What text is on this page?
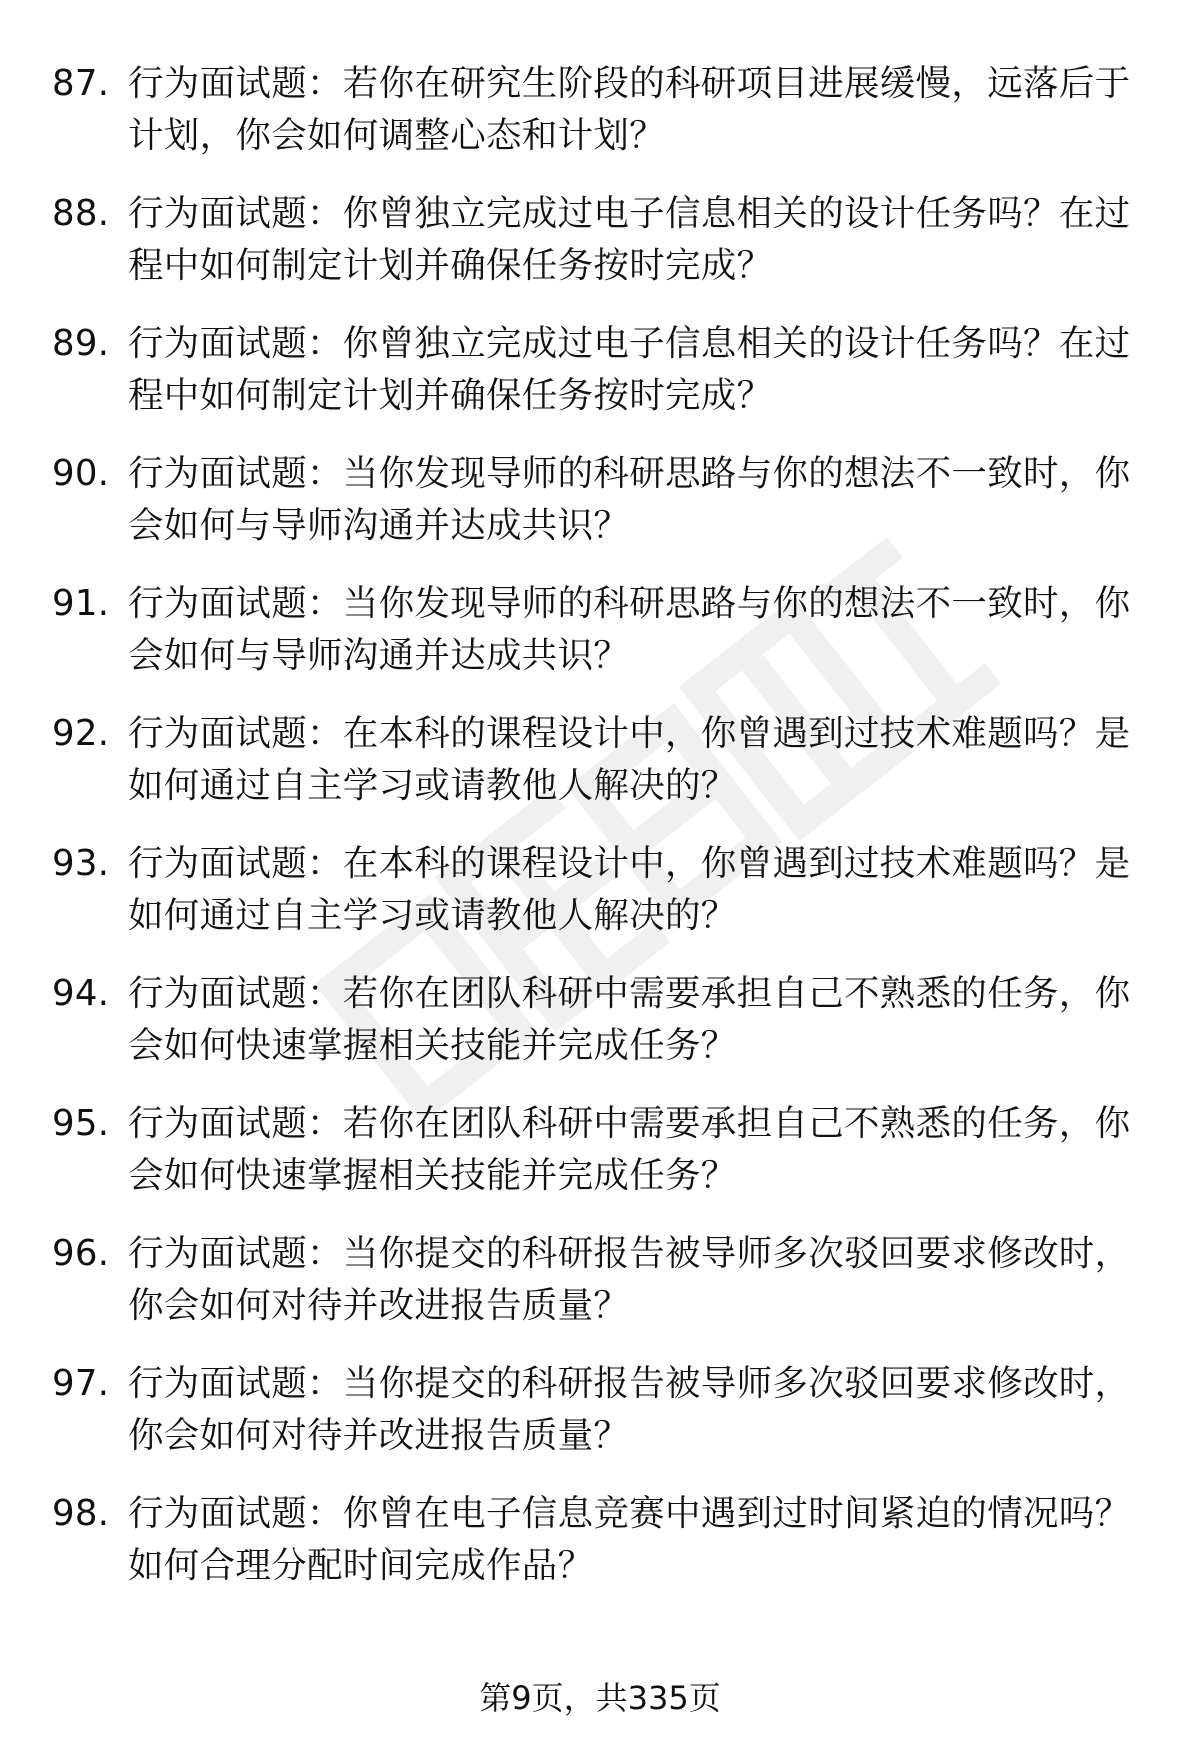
87. 行为面试题：若你在研究生阶段的科研项目进展缓慢，远落后于计划，你会如何调整心态和计划？
88. 行为面试题：你曾独立完成过电子信息相关的设计任务吗？在过程中如何制定计划并确保任务按时完成？
89. 行为面试题：你曾独立完成过电子信息相关的设计任务吗？在过程中如何制定计划并确保任务按时完成？
90. 行为面试题：当你发现导师的科研思路与你的想法不一致时，你会如何与导师沟通并达成共识？
91. 行为面试题：当你发现导师的科研思路与你的想法不一致时，你会如何与导师沟通并达成共识？
92. 行为面试题：在本科的课程设计中，你曾遇到过技术难题吗？是如何通过自主学习或请教他人解决的？
93. 行为面试题：在本科的课程设计中，你曾遇到过技术难题吗？是如何通过自主学习或请教他人解决的？
94. 行为面试题：若你在团队科研中需要承担自己不熟悉的任务，你会如何快速掌握相关技能并完成任务？
95. 行为面试题：若你在团队科研中需要承担自己不熟悉的任务，你会如何快速掌握相关技能并完成任务？
96. 行为面试题：当你提交的科研报告被导师多次驳回要求修改时，你会如何对待并改进报告质量？
97. 行为面试题：当你提交的科研报告被导师多次驳回要求修改时，你会如何对待并改进报告质量？
98. 行为面试题：你曾在电子信息竞赛中遇到过时间紧迫的情况吗？如何合理分配时间完成作品？
第9页，共335页
